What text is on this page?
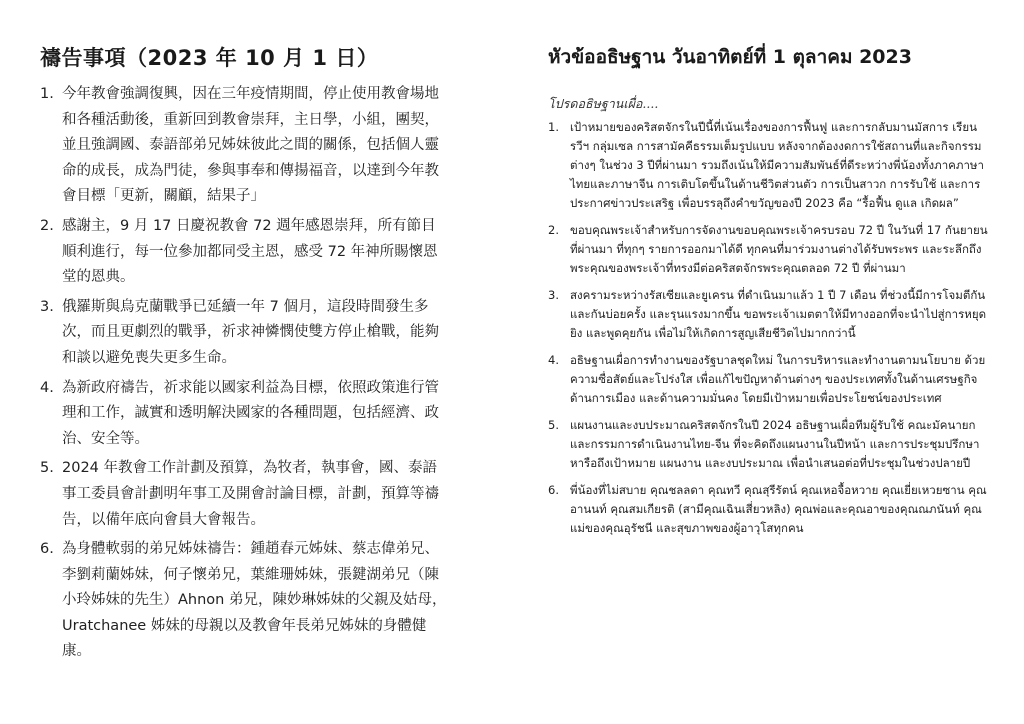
禱告事項（2023 年 10 月 1 日）
1. 今年教會強調復興，因在三年疫情期間，停止使用教會場地和各種活動後，重新回到教會崇拜，主日學，小組，團契，並且強調國、泰語部弟兄姊妹彼此之間的關係，包括個人靈命的成長，成為門徒，參與事奉和傳揚福音，以達到今年教會目標「更新，關顧，結果子」
2. 感謝主，9 月 17 日慶祝教會 72 週年感恩崇拜，所有節目順利進行，每一位參加都同受主恩，感受 72 年神所賜懷恩堂的恩典。
3. 俄羅斯與烏克蘭戰爭已延續一年 7 個月，這段時間發生多次，而且更劇烈的戰爭，祈求神憐憫使雙方停止槍戰，能夠和談以避免喪失更多生命。
4. 為新政府禱告，祈求能以國家利益為目標，依照政策進行管理和工作，誠實和透明解決國家的各種問題，包括經濟、政治、安全等。
5. 2024 年教會工作計劃及預算，為牧者，執事會，國、泰語事工委員會計劃明年事工及開會討論目標，計劃，預算等禱告，以備年底向會員大會報告。
6. 為身體軟弱的弟兄姊妹禱告：鍾趙春元姊妹、蔡志偉弟兄、李劉莉蘭姊妹，何子懷弟兄，葉維珊姊妹，張鍵湖弟兄（陳小玲姊妹的先生）Ahnon 弟兄，陳妙琳姊妹的父親及姑母，Uratchanee 姊妹的母親以及教會年長弟兄姊妹的身體健康。
หัวข้ออธิษฐาน วันอาทิตย์ที่ 1 ตุลาคม 2023
โปรดอธิษฐานเผื่อ....
1. เป้าหมายของคริสตจักรในปีนี้ที่เน้นเรื่องของการฟื้นฟู และการกลับมานมัสการ เรียนรวีฯ กลุ่มเซล การสามัคคีธรรมเต็มรูปแบบ หลังจากต้องงดการใช้สถานที่และกิจกรรมต่างๆ ในช่วง 3 ปีที่ผ่านมา รวมถึงเน้นให้มีความสัมพันธ์ที่ดีระหว่างพี่น้องทั้งภาคภาษาไทยและภาษาจีน การเติบโตขึ้นในด้านชีวิตส่วนตัว การเป็นสาวก การรับใช้ และการประกาศข่าวประเสริฐ เพื่อบรรลุถึงคำขวัญของปี 2023 คือ “รื้อฟื้น ดูแล เกิดผล”
2. ขอบคุณพระเจ้าสำหรับการจัดงานขอบคุณพระเจ้าครบรอบ 72 ปี ในวันที่ 17 กันยายนที่ผ่านมา ที่ทุกๆ รายการออกมาได้ดี ทุกคนที่มาร่วมงานต่างได้รับพระพร และระลึกถึงพระคุณของพระเจ้าที่ทรงมีต่อคริสตจักรพระคุณตลอด 72 ปี ที่ผ่านมา
3. สงครามระหว่างรัสเซียและยูเครน ที่ดำเนินมาแล้ว 1 ปี 7 เดือน ที่ช่วงนี้มีการโจมตีกันและกันบ่อยครั้ง และรุนแรงมากขึ้น ขอพระเจ้าเมตตาให้มีทางออกที่จะนำไปสู่การหยุดยิง และพูดคุยกัน เพื่อไม่ให้เกิดการสูญเสียชีวิตไปมากกว่านี้
4. อธิษฐานเผื่อการทำงานของรัฐบาลชุดใหม่ ในการบริหารและทำงานตามนโยบาย ด้วยความซื่อสัตย์และโปร่งใส เพื่อแก้ไขปัญหาด้านต่างๆ ของประเทศทั้งในด้านเศรษฐกิจ ด้านการเมือง และด้านความมั่นคง โดยมีเป้าหมายเพื่อประโยชน์ของประเทศ
5. แผนงานและงบประมาณคริสตจักรในปี 2024 อธิษฐานเผื่อทีมผู้รับใช้ คณะมัคนายก และกรรมการดำเนินงานไทย-จีน ที่จะคิดถึงแผนงานในปีหน้า และการประชุมปรึกษาหารือถึงเป้าหมาย แผนงาน และงบประมาณ เพื่อนำเสนอต่อที่ประชุมในช่วงปลายปี
6. พี่น้องที่ไม่สบาย คุณชลลดา คุณทวี คุณสุรีรัตน์ คุณเหอจื้อหวาย คุณเยี่ยเหวยซาน คุณอานนท์ คุณสมเกียรติ (สามีคุณเฉินเสี่ยวหลิง) คุณพ่อและคุณอาของคุณณภนันท์ คุณแม่ของคุณอุรัชนี และสุขภาพของผู้อาวุโสทุกคน
